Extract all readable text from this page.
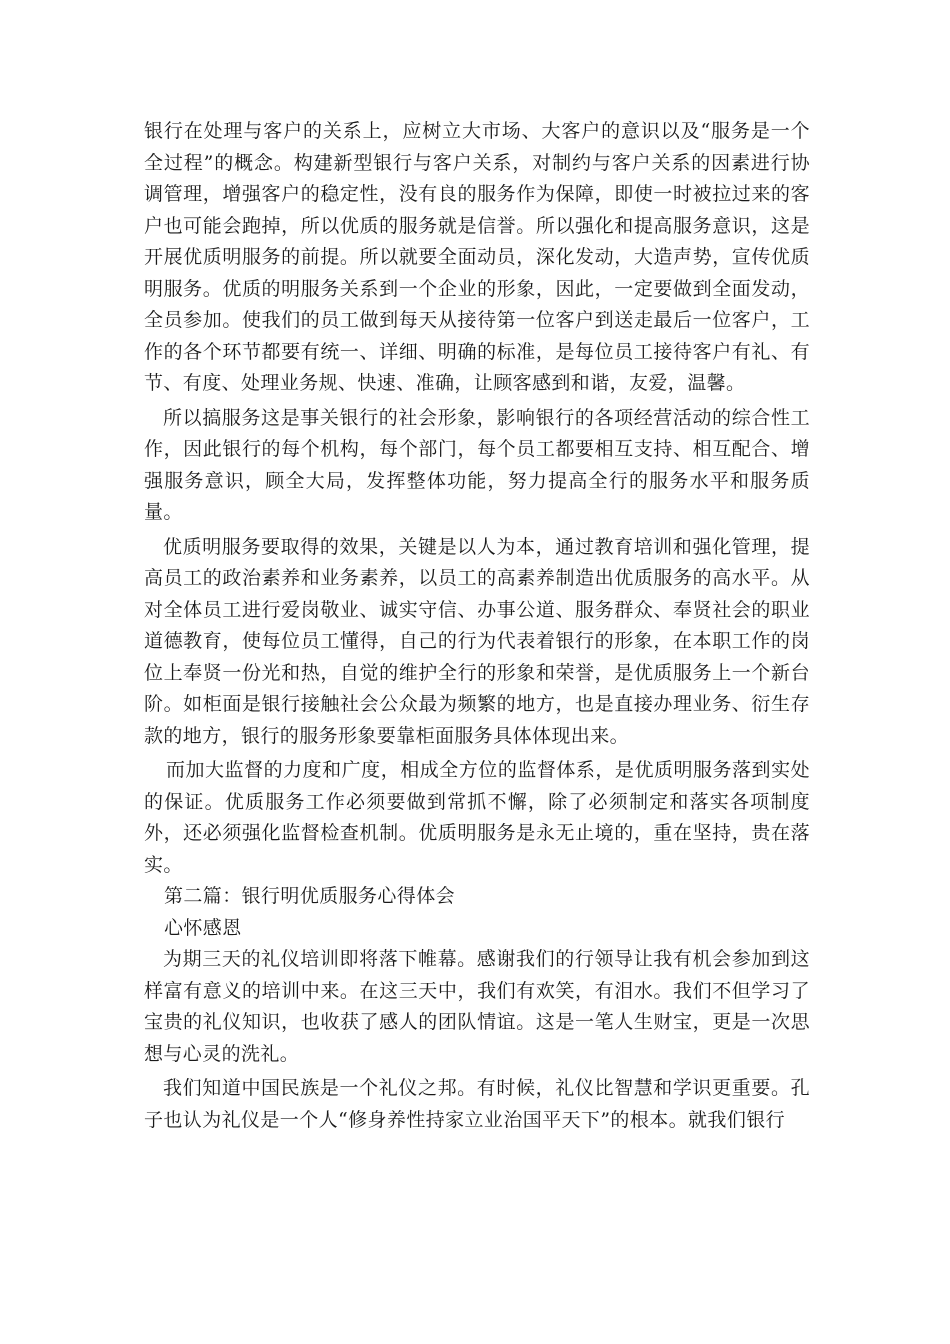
银行在处理与客户的关系上，应树立大市场、大客户的意识以及“服务是一个全过程”的概念。构建新型银行与客户关系，对制约与客户关系的因素进行协调管理，增强客户的稳定性，没有良的服务作为保障，即使一时被拉过来的客户也可能会跑掉，所以优质的服务就是信誉。所以强化和提高服务意识，这是开展优质明服务的前提。所以就要全面动员，深化发动，大造声势，宣传优质明服务。优质的明服务关系到一个企业的形象，因此，一定要做到全面发动，全员参加。使我们的员工做到每天从接待第一位客户到送走最后一位客户，工作的各个环节都要有统一、详细、明确的标准，是每位员工接待客户有礼、有节、有度、处理业务规、快速、准确，让顾客感到和谐，友爱，温馨。

所以搞服务这是事关银行的社会形象，影响银行的各项经营活动的综合性工作，因此银行的每个机构，每个部门，每个员工都要相互支持、相互配合、增强服务意识，顾全大局，发挥整体功能，努力提高全行的服务水平和服务质量。

优质明服务要取得的效果，关键是以人为本，通过教育培训和强化管理，提高员工的政治素养和业务素养，以员工的高素养制造出优质服务的高水平。从对全体员工进行爱岗敬业、诚实守信、办事公道、服务群众、奉贤社会的职业道德教育，使每位员工懂得，自己的行为代表着银行的形象，在本职工作的岗位上奉贤一份光和热，自觉的维护全行的形象和荣誉，是优质服务上一个新台阶。如柜面是银行接触社会公众最为频繁的地方，也是直接办理业务、衍生存款的地方，银行的服务形象要靠柜面服务具体体现出来。

而加大监督的力度和广度，相成全方位的监督体系，是优质明服务落到实处的保证。优质服务工作必须要做到常抓不懈，除了必须制定和落实各项制度外，还必须强化监督检查机制。优质明服务是永无止境的，重在坚持，贵在落实。

第二篇：银行明优质服务心得体会

心怀感恩

为期三天的礼仪培训即将落下帷幕。感谢我们的行领导让我有机会参加到这样富有意义的培训中来。在这三天中，我们有欢笑，有泪水。我们不但学习了宝贵的礼仪知识，也收获了感人的团队情谊。这是一笔人生财宝，更是一次思想与心灵的洗礼。

我们知道中国民族是一个礼仪之邦。有时候，礼仪比智慧和学识更重要。孔子也认为礼仪是一个人“修身养性持家立业治国平天下”的根本。就我们银行
